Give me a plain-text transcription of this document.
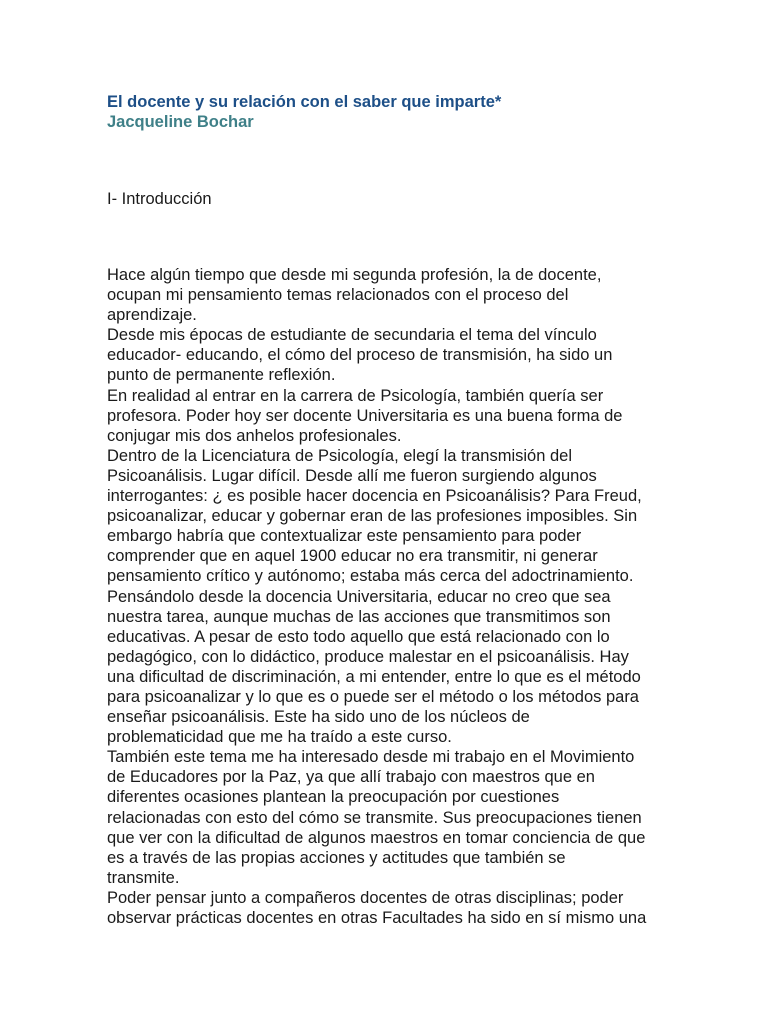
El docente y su relación con el saber que imparte*
Jacqueline Bochar
I- Introducción
Hace algún tiempo que desde mi segunda profesión, la de docente,
ocupan mi pensamiento temas relacionados con el proceso del
aprendizaje.
Desde mis épocas de estudiante de secundaria el tema del vínculo
educador- educando, el cómo del proceso de transmisión, ha sido un
punto de permanente reflexión.
En realidad al entrar en la carrera de Psicología, también quería ser
profesora. Poder hoy ser docente Universitaria es una buena forma de
conjugar mis dos anhelos profesionales.
Dentro de la Licenciatura de Psicología, elegí la transmisión del
Psicoanálisis. Lugar difícil. Desde allí me fueron surgiendo algunos
interrogantes: ¿ es posible hacer docencia en Psicoanálisis? Para Freud,
psicoanalizar, educar y gobernar eran de las profesiones imposibles. Sin
embargo habría que contextualizar este pensamiento para poder
comprender que en aquel 1900 educar no era transmitir, ni generar
pensamiento crítico y autónomo; estaba más cerca del adoctrinamiento.
Pensándolo desde la docencia Universitaria, educar no creo que sea
nuestra tarea, aunque muchas de las acciones que transmitimos son
educativas. A pesar de esto todo aquello que está relacionado con lo
pedagógico, con lo didáctico, produce malestar en el psicoanálisis. Hay
una dificultad de discriminación, a mi entender, entre lo que es el método
para psicoanalizar y lo que es o puede ser el método o los métodos para
enseñar psicoanálisis. Este ha sido uno de los núcleos de
problematicidad que me ha traído a este curso.
También este tema me ha interesado desde mi trabajo en el Movimiento
de Educadores por la Paz, ya que allí trabajo con maestros que en
diferentes ocasiones plantean la preocupación por cuestiones
relacionadas con esto del cómo se transmite. Sus preocupaciones tienen
que ver con la dificultad de algunos maestros en tomar conciencia de que
es a través de las propias acciones y actitudes que también se
transmite.
Poder pensar junto a compañeros docentes de otras disciplinas; poder
observar prácticas docentes en otras Facultades ha sido en sí mismo una
